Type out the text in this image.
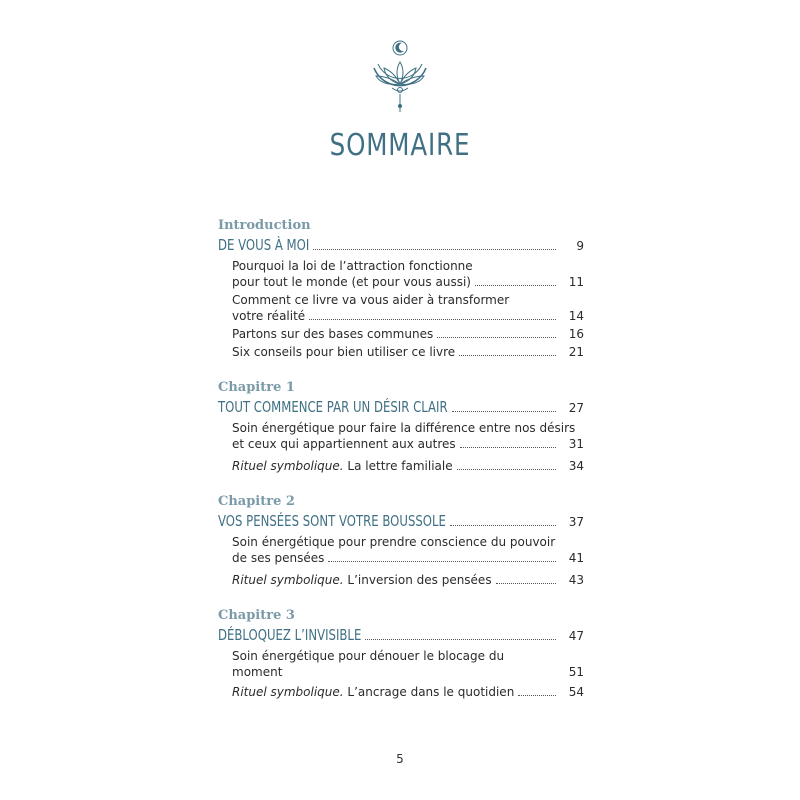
SOMMAIRE
Introduction
DE VOUS À MOI	9
Pourquoi la loi de l’attraction fonctionne
pour tout le monde (et pour vous aussi)	11
Comment ce livre va vous aider à transformer
votre réalité	14
Partons sur des bases communes	16
Six conseils pour bien utiliser ce livre	21
Chapitre 1
TOUT COMMENCE PAR UN DÉSIR CLAIR	27
Soin énergétique pour faire la différence entre nos désirs
et ceux qui appartiennent aux autres	31
Rituel symbolique. La lettre familiale	34
Chapitre 2
VOS PENSÉES SONT VOTRE BOUSSOLE	37
Soin énergétique pour prendre conscience du pouvoir
de ses pensées	41
Rituel symbolique. L’inversion des pensées	43
Chapitre 3
DÉBLOQUEZ L’INVISIBLE	47
Soin énergétique pour dénouer le blocage du moment	51
Rituel symbolique. L’ancrage dans le quotidien	54
5
